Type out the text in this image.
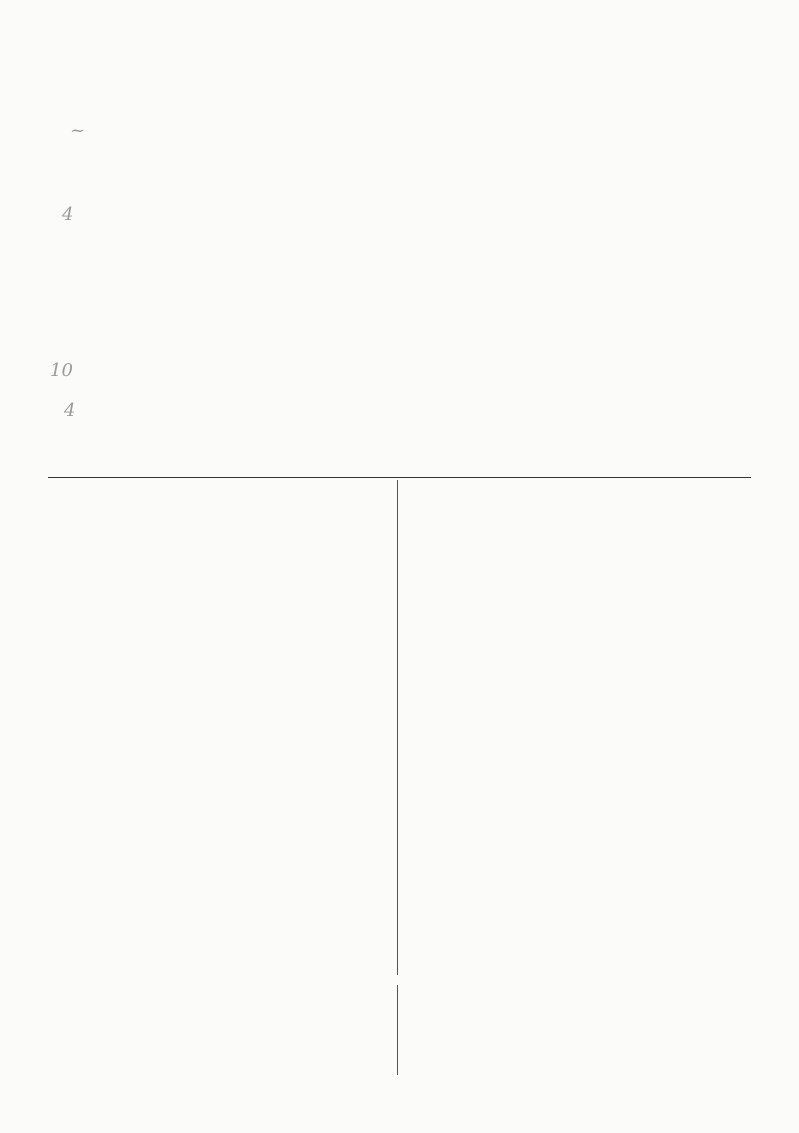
~
4
10
4
